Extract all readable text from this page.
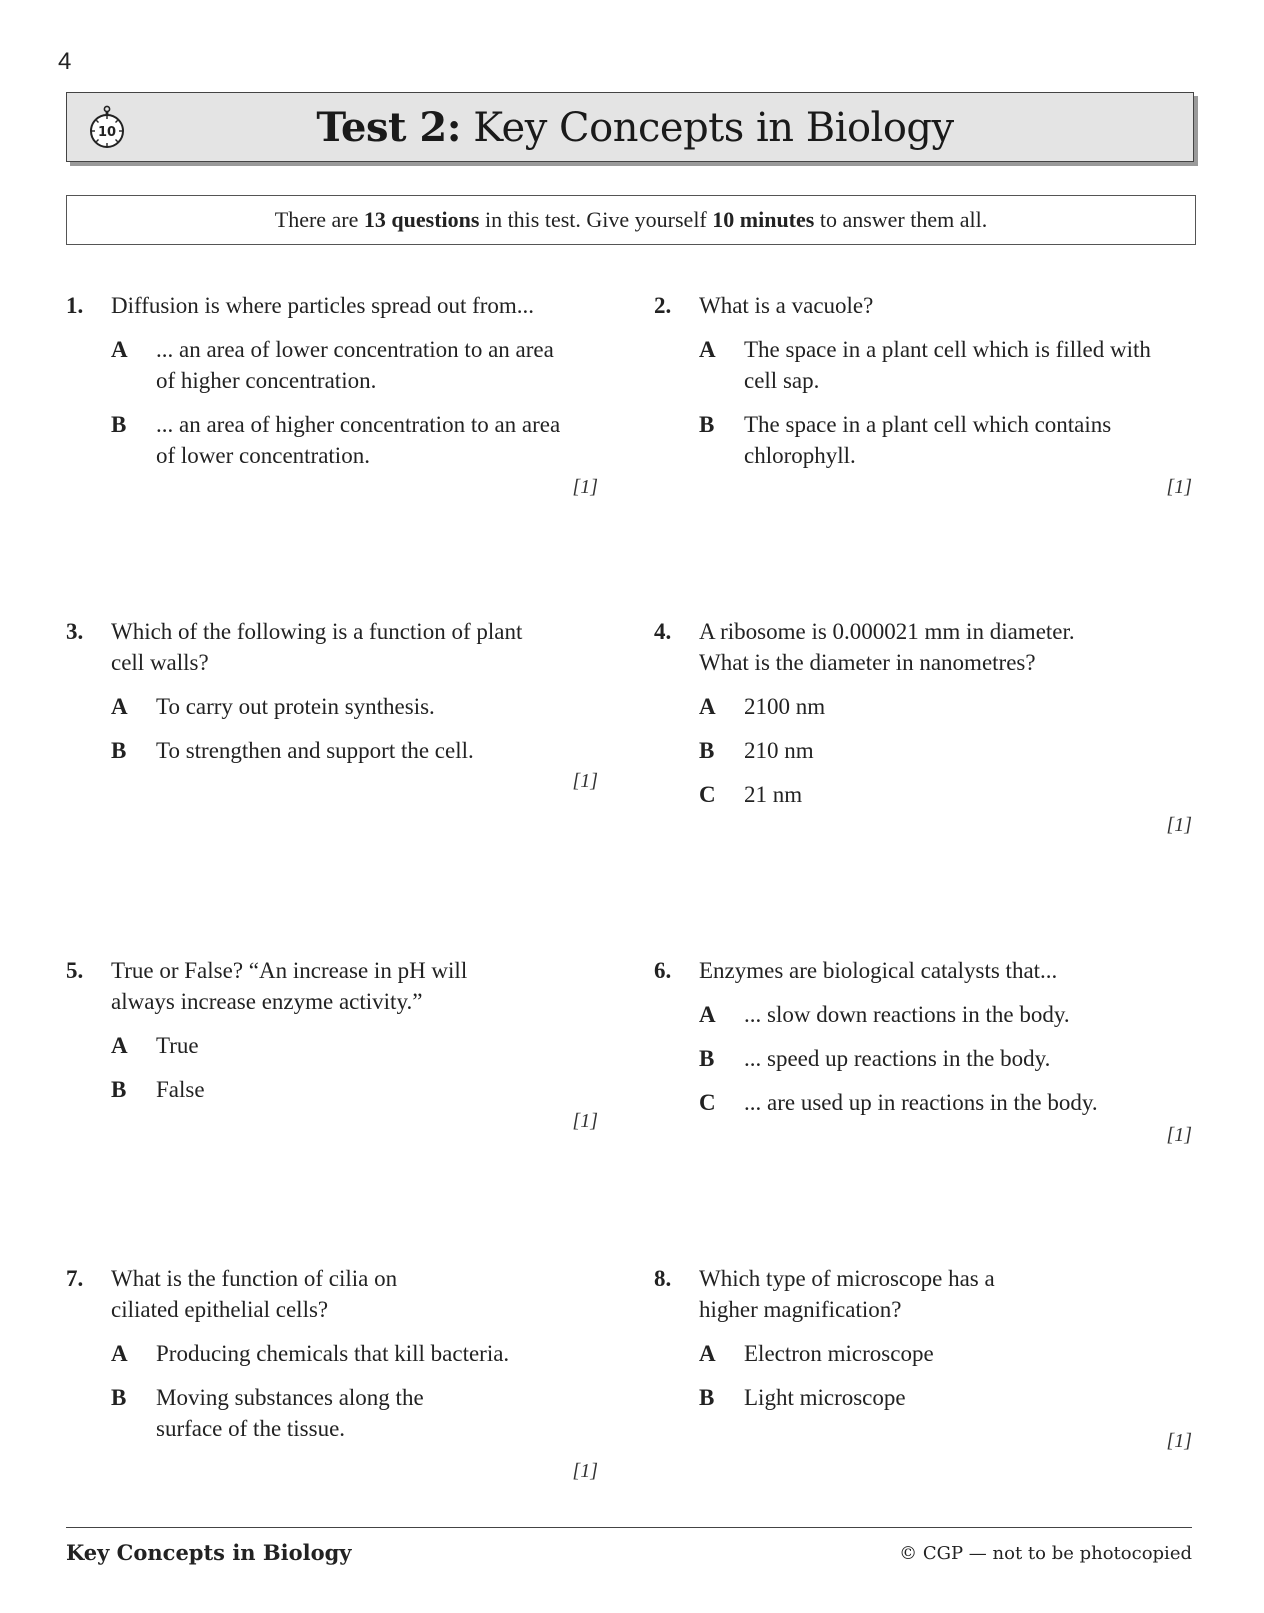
4
10	Test 2: Key Concepts in Biology
There are 13 questions in this test. Give yourself 10 minutes to answer them all.
1.	Diffusion is where particles spread out from...
A	... an area of lower concentration to an area of higher concentration.
B	... an area of higher concentration to an area of lower concentration.
[1]
2.	What is a vacuole?
A	The space in a plant cell which is filled with cell sap.
B	The space in a plant cell which contains chlorophyll.
[1]
3.	Which of the following is a function of plant cell walls?
A	To carry out protein synthesis.
B	To strengthen and support the cell.
[1]
4.	A ribosome is 0.000021 mm in diameter. What is the diameter in nanometres?
A	2100 nm
B	210 nm
C	21 nm
[1]
5.	True or False? “An increase in pH will always increase enzyme activity.”
A	True
B	False
[1]
6.	Enzymes are biological catalysts that...
A	... slow down reactions in the body.
B	... speed up reactions in the body.
C	... are used up in reactions in the body.
[1]
7.	What is the function of cilia on ciliated epithelial cells?
A	Producing chemicals that kill bacteria.
B	Moving substances along the surface of the tissue.
[1]
8.	Which type of microscope has a higher magnification?
A	Electron microscope
B	Light microscope
[1]
Key Concepts in Biology	© CGP — not to be photocopied
